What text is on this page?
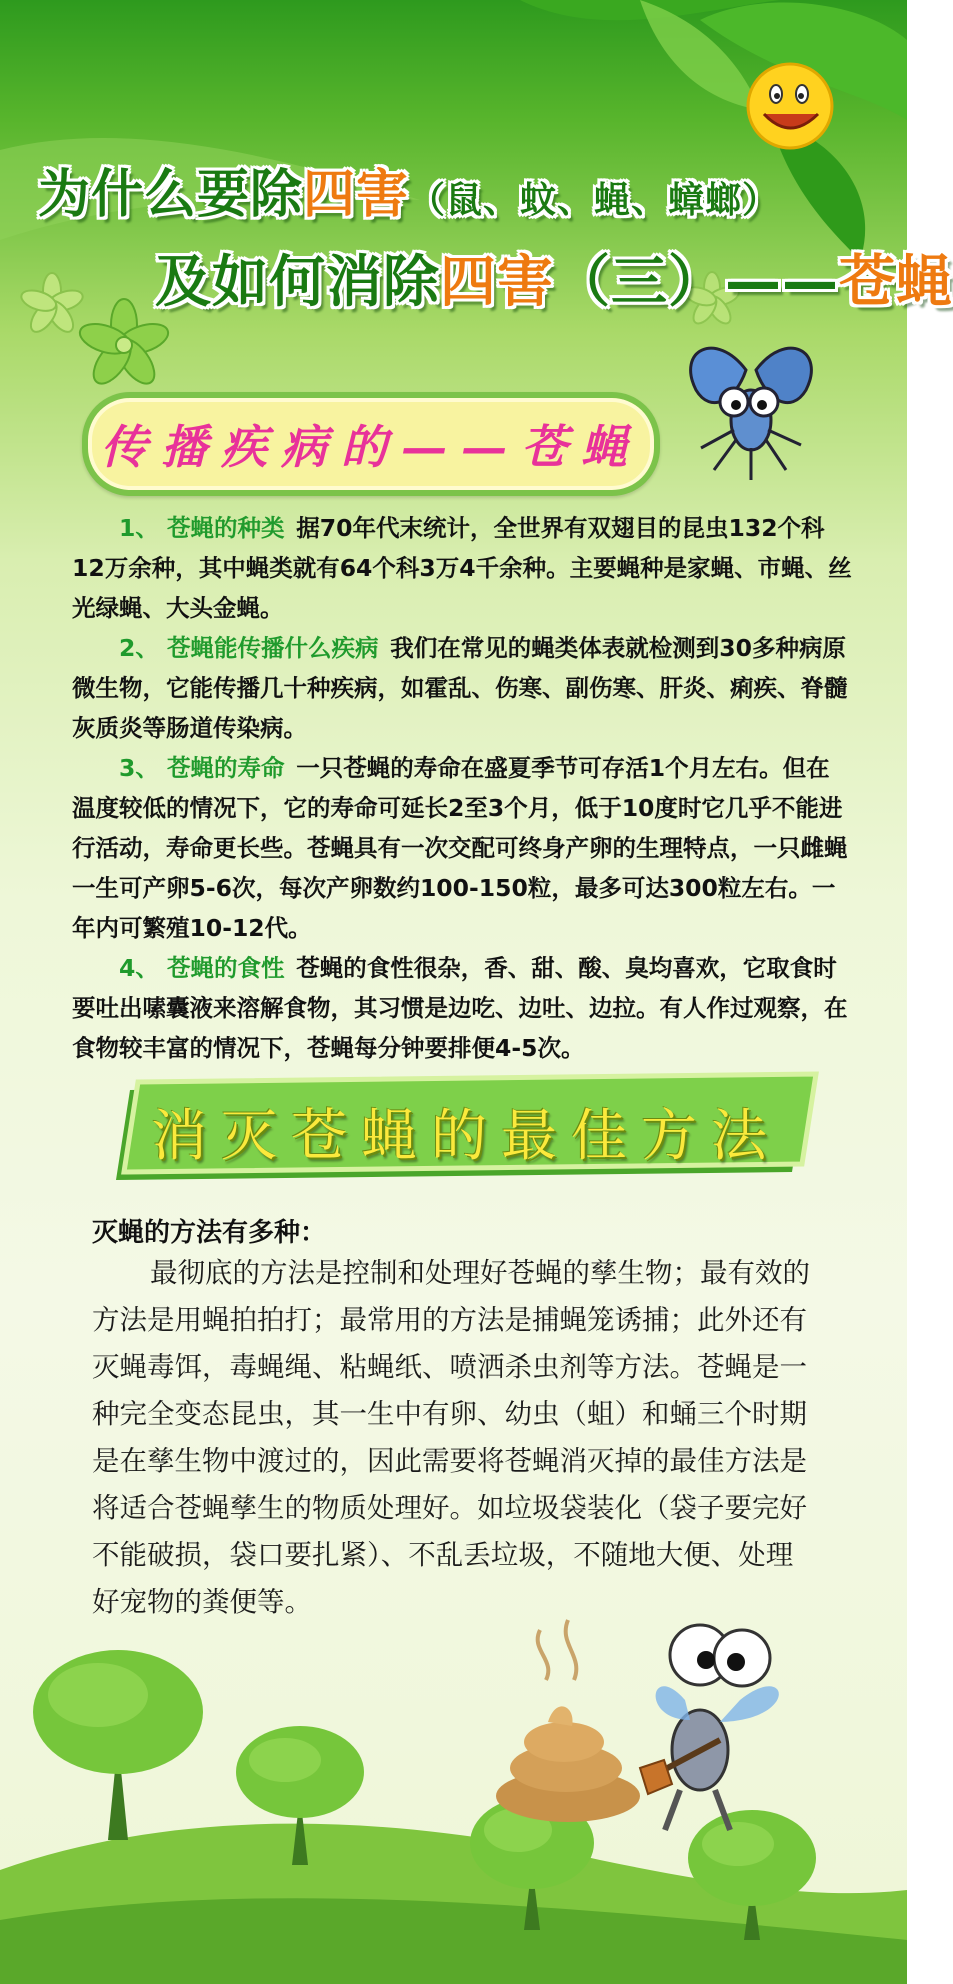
为什么要除四害（鼠、蚊、蝇、蟑螂）
及如何消除四害（三）——苍蝇
传播疾病的——苍蝇

  1、 苍蝇的种类  据70年代末统计，全世界有双翅目的昆虫132个科12万余种，其中蝇类就有64个科3万4千余种。主要蝇种是家蝇、市蝇、丝光绿蝇、大头金蝇。

  2、 苍蝇能传播什么疾病  我们在常见的蝇类体表就检测到30多种病原微生物，它能传播几十种疾病，如霍乱、伤寒、副伤寒、肝炎、痢疾、脊髓灰质炎等肠道传染病。

  3、 苍蝇的寿命  一只苍蝇的寿命在盛夏季节可存活1个月左右。但在温度较低的情况下，它的寿命可延长2至3个月，低于10度时它几乎不能进行活动，寿命更长些。苍蝇具有一次交配可终身产卵的生理特点，一只雌蝇一生可产卵5-6次，每次产卵数约100-150粒，最多可达300粒左右。一年内可繁殖10-12代。

  4、 苍蝇的食性  苍蝇的食性很杂，香、甜、酸、臭均喜欢，它取食时要吐出嗉囊液来溶解食物，其习惯是边吃、边吐、边拉。有人作过观察，在食物较丰富的情况下，苍蝇每分钟要排便4-5次。

消灭苍蝇的最佳方法
灭蝇的方法有多种：

最彻底的方法是控制和处理好苍蝇的孳生物；最有效的方法是用蝇拍拍打；最常用的方法是捕蝇笼诱捕；此外还有灭蝇毒饵，毒蝇绳、粘蝇纸、喷洒杀虫剂等方法。苍蝇是一种完全变态昆虫，其一生中有卵、幼虫（蛆）和蛹三个时期是在孳生物中渡过的，因此需要将苍蝇消灭掉的最佳方法是将适合苍蝇孳生的物质处理好。如垃圾袋装化（袋子要完好不能破损，袋口要扎紧）、不乱丢垃圾，不随地大便、处理好宠物的粪便等。
